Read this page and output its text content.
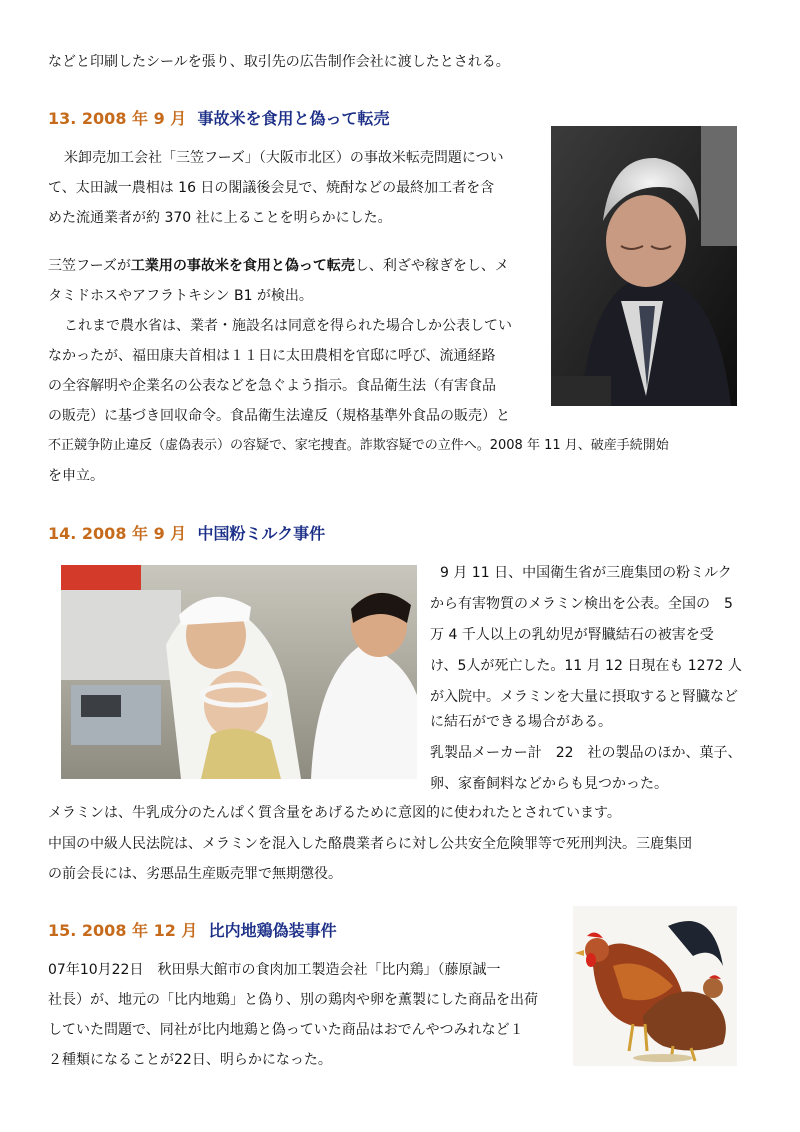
などと印刷したシールを張り、取引先の広告制作会社に渡したとされる。
13. 2008 年 9 月 事故米を食用と偽って転売
米卸売加工会社「三笠フーズ」（大阪市北区）の事故米転売問題につい
て、太田誠一農相は 16 日の閣議後会見で、焼酎などの最終加工者を含
めた流通業者が約 370 社に上ることを明らかにした。
三笠フーズが工業用の事故米を食用と偽って転売し、利ざや稼ぎをし、メ
タミドホスやアフラトキシン B1 が検出。
これまで農水省は、業者・施設名は同意を得られた場合しか公表してい
なかったが、福田康夫首相は１１日に太田農相を官邸に呼び、流通経路
の全容解明や企業名の公表などを急ぐよう指示。食品衛生法（有害食品
の販売）に基づき回収命令。食品衛生法違反（規格基準外食品の販売）と
不正競争防止違反（虚偽表示）の容疑で、家宅捜査。詐欺容疑での立件へ。2008 年 11 月、破産手続開始
を申立。
14. 2008 年 9 月 中国粉ミルク事件
9 月 11 日、中国衛生省が三鹿集団の粉ミルク
から有害物質のメラミン検出を公表。全国の　5
万 4 千人以上の乳幼児が腎臓結石の被害を受
け、5人が死亡した。11 月 12 日現在も 1272 人
が入院中。メラミンを大量に摂取すると腎臓など
に結石ができる場合がある。
乳製品メーカー計　22　社の製品のほか、菓子、
卵、家畜飼料などからも見つかった。
メラミンは、牛乳成分のたんぱく質含量をあげるために意図的に使われたとされています。
中国の中級人民法院は、メラミンを混入した酪農業者らに対し公共安全危険罪等で死刑判決。三鹿集団
の前会長には、劣悪品生産販売罪で無期懲役。
15. 2008 年 12 月 比内地鶏偽装事件
07年10月22日　秋田県大館市の食肉加工製造会社「比内鶏」（藤原誠一
社長）が、地元の「比内地鶏」と偽り、別の鶏肉や卵を薫製にした商品を出荷
していた問題で、同社が比内地鶏と偽っていた商品はおでんやつみれなど１
２種類になることが22日、明らかになった。
